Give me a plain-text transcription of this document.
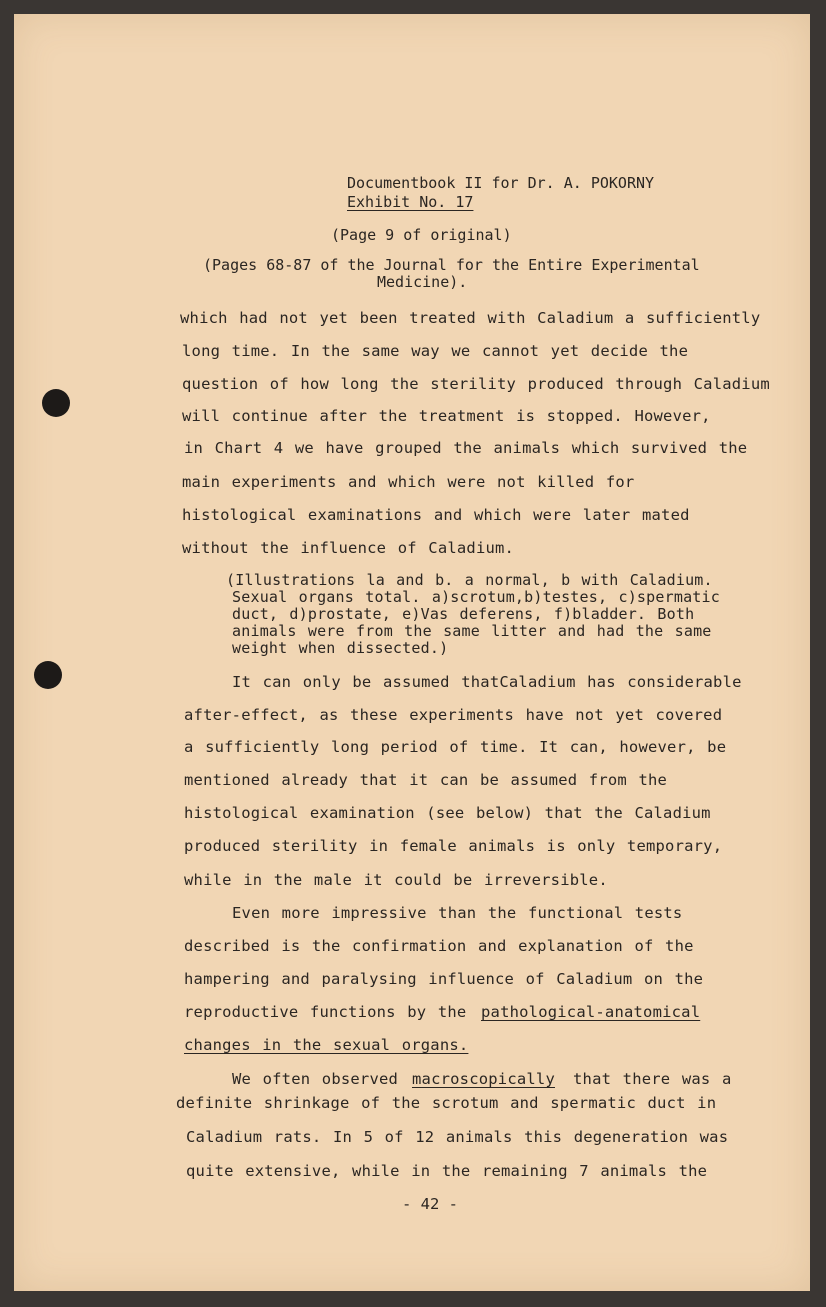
Documentbook II for Dr. A. POKORNY
Exhibit No. 17
(Page 9 of original)
(Pages 68-87 of the Journal for the Entire Experimental
Medicine).
which had not yet been treated with Caladium a sufficiently
long time. In the same way we cannot yet decide the
question of how long the sterility produced through Caladium
will continue after the treatment is stopped. However,
in Chart 4 we have grouped the animals which survived the
main experiments and which were not killed for
histological examinations and which were later mated
without the influence of Caladium.
(Illustrations la and b. a normal, b with Caladium.
Sexual organs total. a)scrotum,b)testes, c)spermatic
duct, d)prostate, e)Vas deferens, f)bladder. Both
animals were from the same litter and had the same
weight when dissected.)
It can only be assumed thatCaladium has considerable
after-effect, as these experiments have not yet covered
a sufficiently long period of time. It can, however, be
mentioned already that it can be assumed from the
histological examination (see below) that the Caladium
produced sterility in female animals is only temporary,
while in the male it could be irreversible.
Even more impressive than the functional tests
described is the confirmation and explanation of the
hampering and paralysing influence of Caladium on the
reproductive functions by the pathological-anatomical
changes in the sexual organs.
We often observed macroscopically that there was a
definite shrinkage of the scrotum and spermatic duct in
Caladium rats. In 5 of 12 animals this degeneration was
quite extensive, while in the remaining 7 animals the
- 42 -
